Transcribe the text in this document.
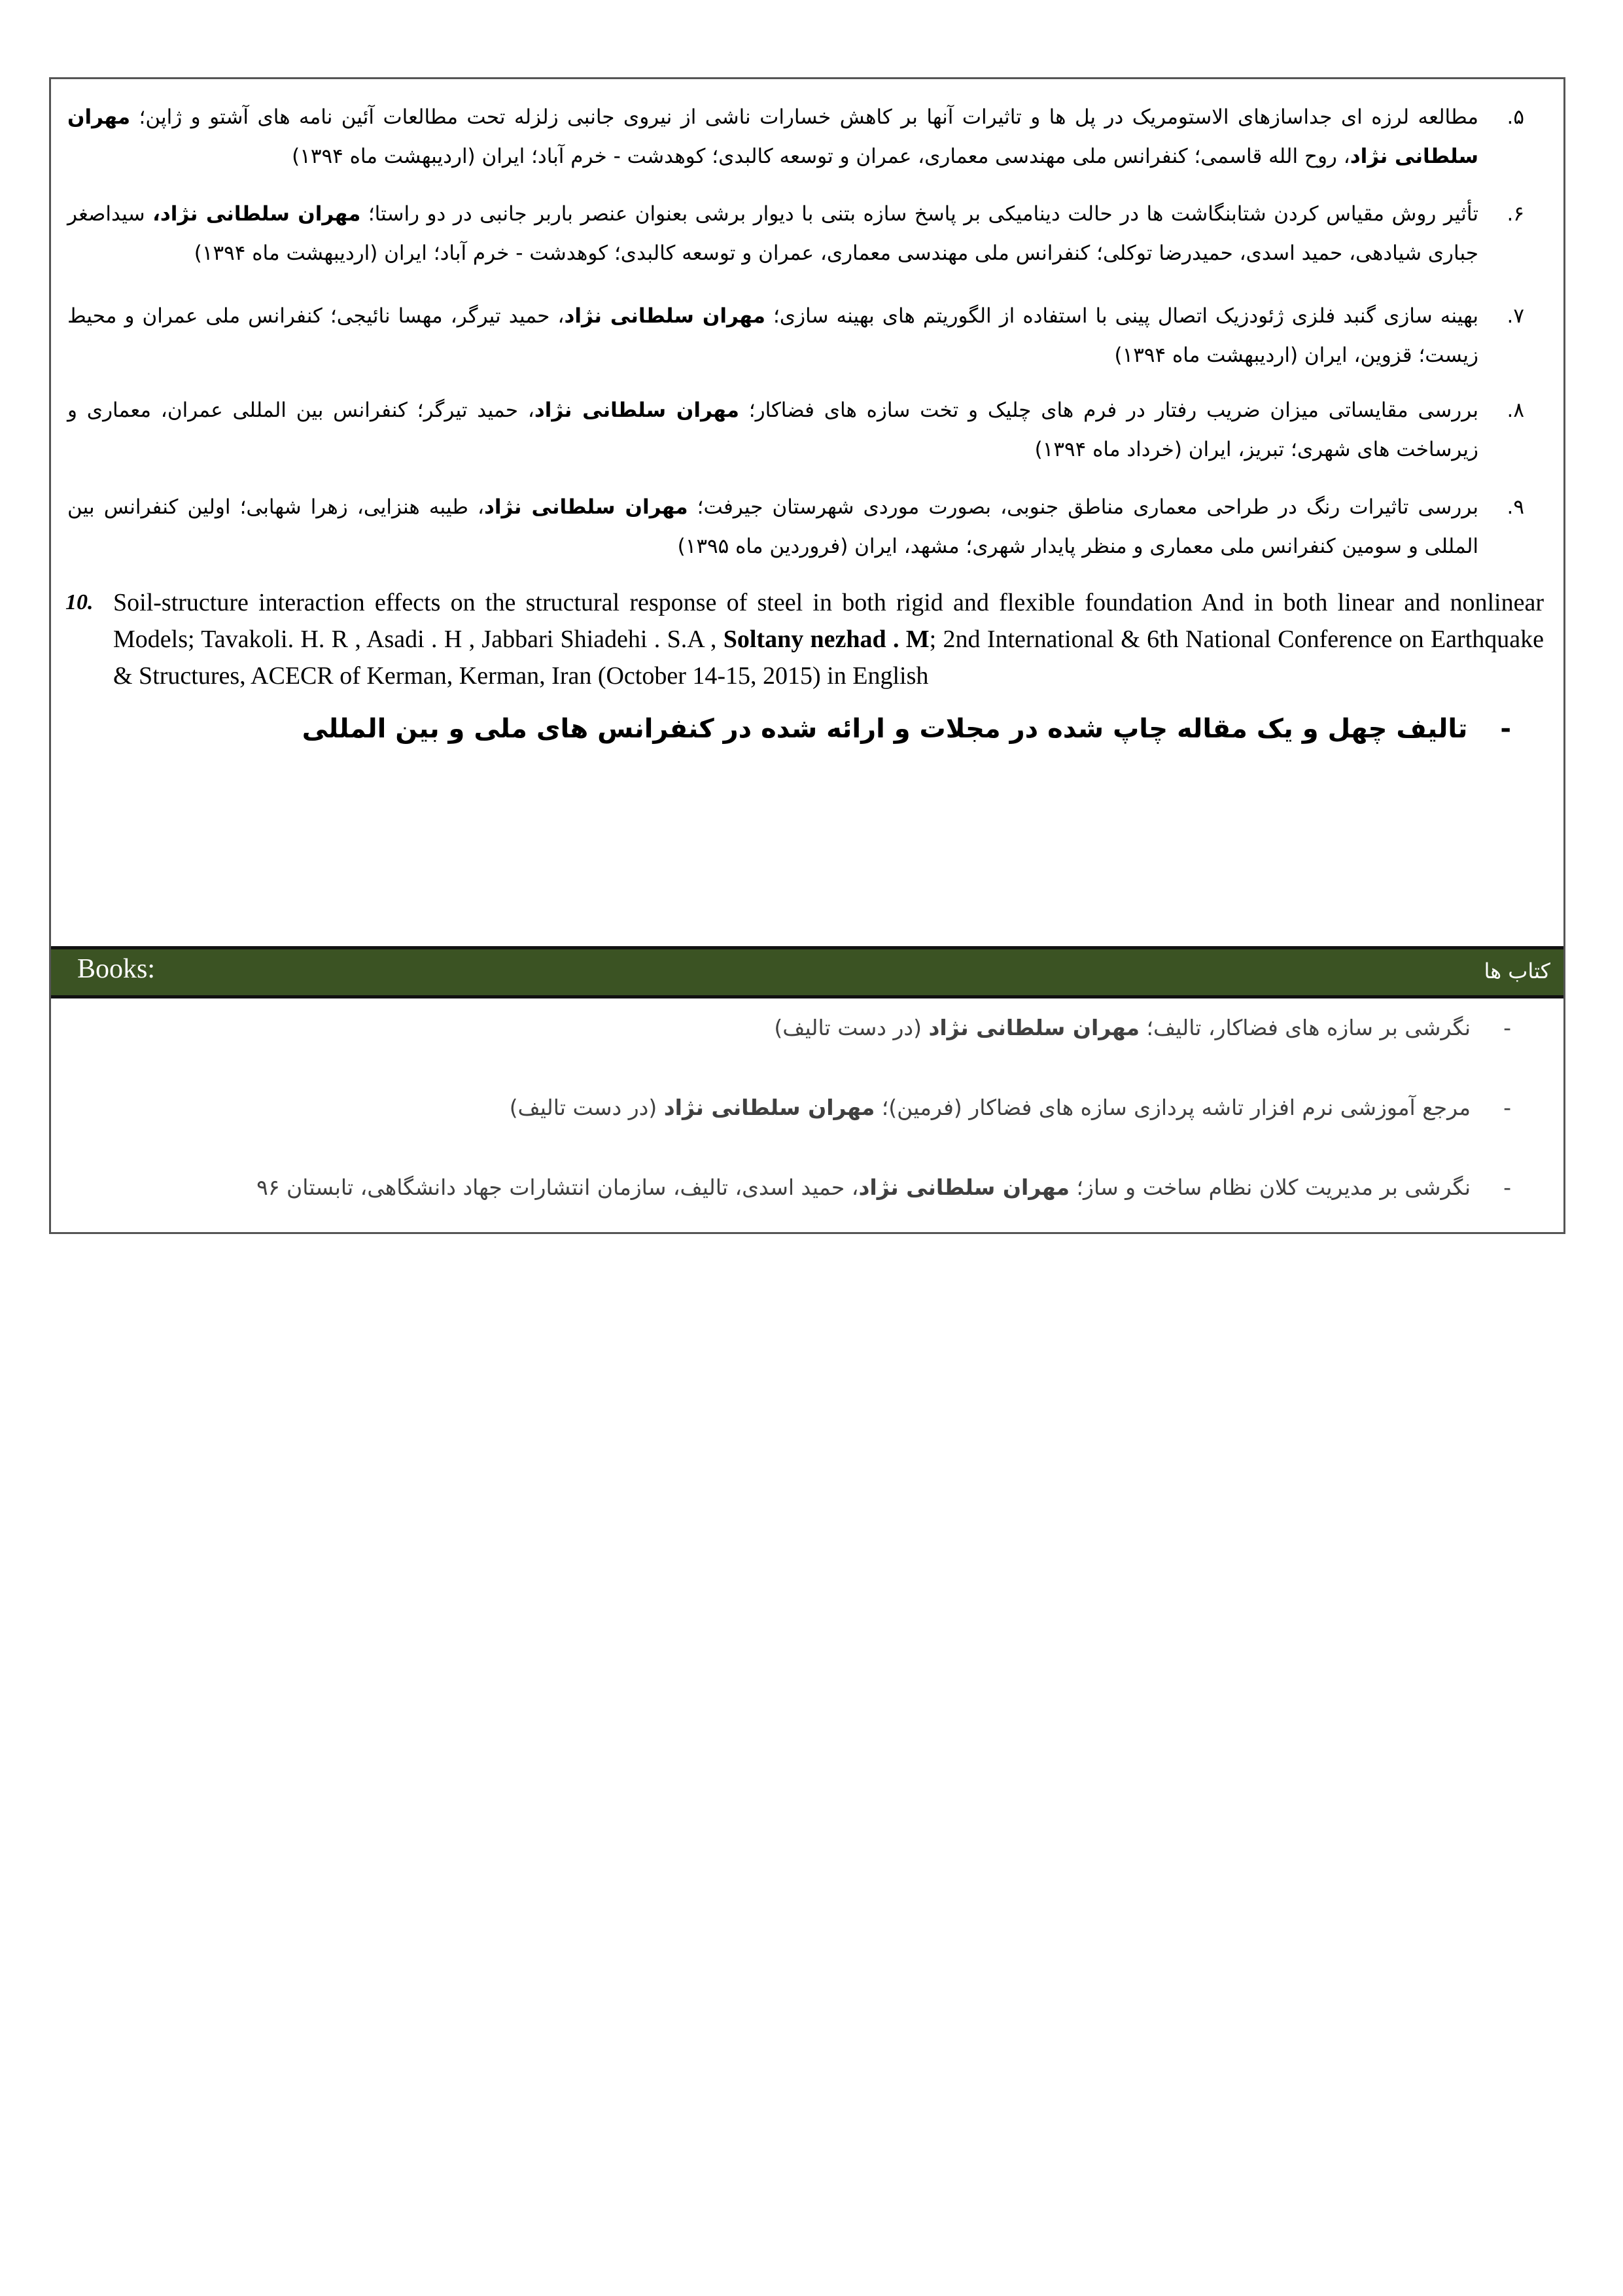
۵.
مطالعه لرزه ای جداسازهای الاستومریک در پل ها و تاثیرات آنها بر کاهش خسارات ناشی از نیروی جانبی زلزله تحت مطالعات آئین نامه های آشتو و ژاپن؛ مهران سلطانی نژاد، روح الله قاسمی؛ کنفرانس ملی مهندسی معماری، عمران و توسعه کالبدی؛ کوهدشت - خرم آباد؛ ایران (اردیبهشت ماه ۱۳۹۴)
۶.
تأثیر روش مقیاس کردن شتابنگاشت ها در حالت دینامیکی بر پاسخ سازه بتنی با دیوار برشی بعنوان عنصر باربر جانبی در دو راستا؛ مهران سلطانی نژاد، سیداصغر جباری شیادهی، حمید اسدی، حمیدرضا توکلی؛ کنفرانس ملی مهندسی معماری، عمران و توسعه کالبدی؛ کوهدشت - خرم آباد؛ ایران (اردیبهشت ماه ۱۳۹۴)
۷.
بهینه سازی گنبد فلزی ژئودزیک اتصال پینی با استفاده از الگوریتم های بهینه سازی؛ مهران سلطانی نژاد، حمید تیرگر، مهسا نائیجی؛ کنفرانس ملی عمران و محیط زیست؛ قزوین، ایران (اردیبهشت ماه ۱۳۹۴)
۸.
بررسی مقایساتی میزان ضریب رفتار در فرم های چلیک و تخت سازه های فضاکار؛ مهران سلطانی نژاد، حمید تیرگر؛ کنفرانس بین المللی عمران، معماری و زیرساخت های شهری؛ تبریز، ایران (خرداد ماه ۱۳۹۴)
۹.
بررسی تاثیرات رنگ در طراحی معماری مناطق جنوبی، بصورت موردی شهرستان جیرفت؛ مهران سلطانی نژاد، طیبه هنزایی، زهرا شهابی؛ اولین کنفرانس بین المللی و سومین کنفرانس ملی معماری و منظر پایدار شهری؛ مشهد، ایران (فروردین ماه ۱۳۹۵)
10. Soil-structure interaction effects on the structural response of steel in both rigid and flexible foundation And in both linear and nonlinear Models; Tavakoli. H. R , Asadi . H , Jabbari Shiadehi . S.A , Soltany nezhad . M; 2nd International & 6th National Conference on Earthquake & Structures, ACECR of Kerman, Kerman, Iran (October 14-15, 2015) in English
-تالیف چهل و یک مقاله چاپ شده در مجلات و ارائه شده در کنفرانس های ملی و بین المللی
Books:	کتاب ها
-نگرشی بر سازه های فضاکار، تالیف؛ مهران سلطانی نژاد (در دست تالیف)
-مرجع آموزشی نرم افزار تاشه پردازی سازه های فضاکار (فرمین)؛ مهران سلطانی نژاد (در دست تالیف)
-نگرشی بر مدیریت کلان نظام ساخت و ساز؛ مهران سلطانی نژاد، حمید اسدی، تالیف، سازمان انتشارات جهاد دانشگاهی، تابستان ۹۶
